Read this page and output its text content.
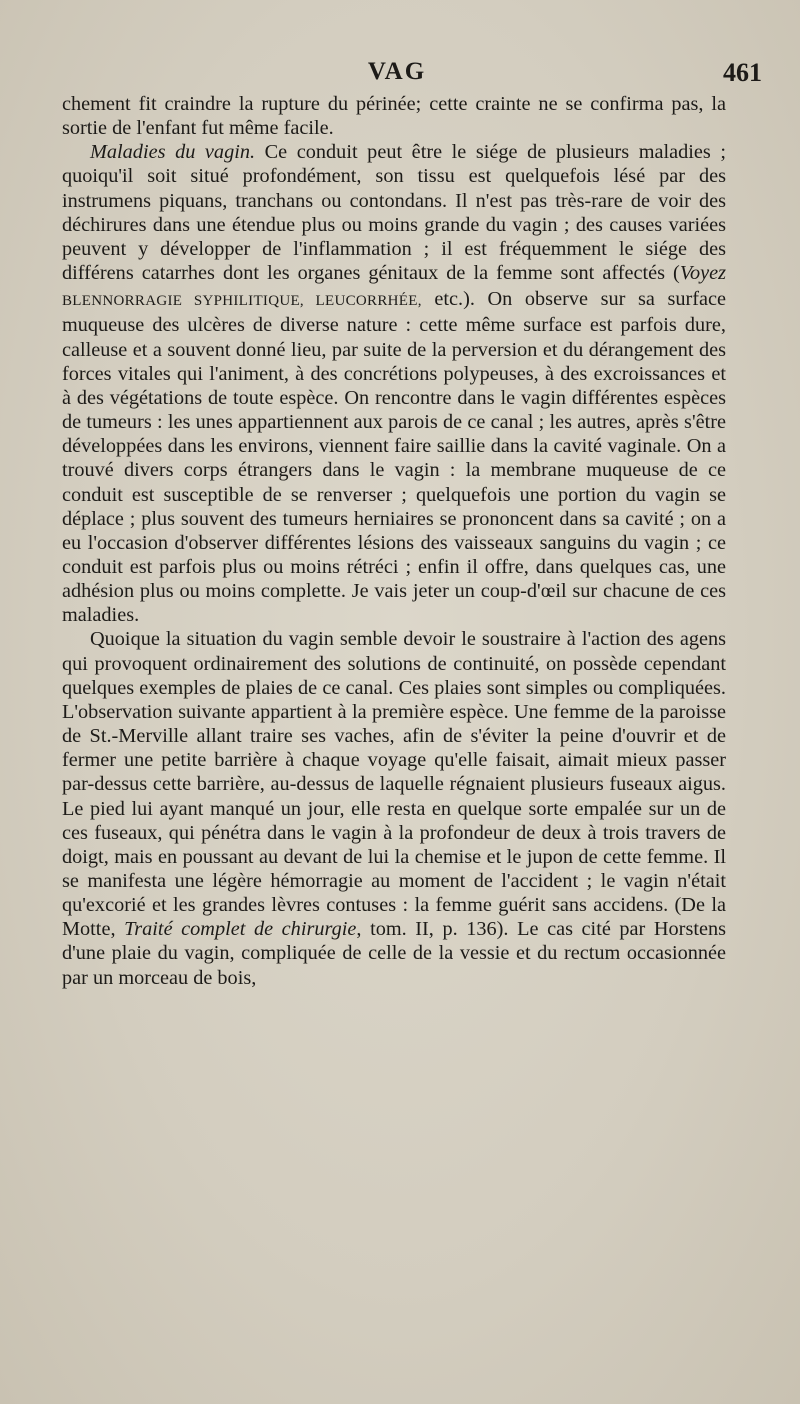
VAG	461

chement fit craindre la rupture du périnée; cette crainte ne se confirma pas, la sortie de l'enfant fut même facile.

Maladies du vagin. Ce conduit peut être le siége de plusieurs maladies ; quoiqu'il soit situé profondément, son tissu est quelquefois lésé par des instrumens piquans, tranchans ou contondans. Il n'est pas très-rare de voir des déchirures dans une étendue plus ou moins grande du vagin ; des causes variées peuvent y développer de l'inflammation ; il est fréquemment le siége des différens catarrhes dont les organes génitaux de la femme sont affectés (Voyez BLENNORRAGIE SYPHILITIQUE, LEUCORRHÉE, etc.). On observe sur sa surface muqueuse des ulcères de diverse nature : cette même surface est parfois dure, calleuse et a souvent donné lieu, par suite de la perversion et du dérangement des forces vitales qui l'animent, à des concrétions polypeuses, à des excroissances et à des végétations de toute espèce. On rencontre dans le vagin différentes espèces de tumeurs : les unes appartiennent aux parois de ce canal ; les autres, après s'être développées dans les environs, viennent faire saillie dans la cavité vaginale. On a trouvé divers corps étrangers dans le vagin : la membrane muqueuse de ce conduit est susceptible de se renverser ; quelquefois une portion du vagin se déplace ; plus souvent des tumeurs herniaires se prononcent dans sa cavité ; on a eu l'occasion d'observer différentes lésions des vaisseaux sanguins du vagin ; ce conduit est parfois plus ou moins rétréci ; enfin il offre, dans quelques cas, une adhésion plus ou moins complette. Je vais jeter un coup-d'œil sur chacune de ces maladies.

Quoique la situation du vagin semble devoir le soustraire à l'action des agens qui provoquent ordinairement des solutions de continuité, on possède cependant quelques exemples de plaies de ce canal. Ces plaies sont simples ou compliquées. L'observation suivante appartient à la première espèce. Une femme de la paroisse de St.-Merville allant traire ses vaches, afin de s'éviter la peine d'ouvrir et de fermer une petite barrière à chaque voyage qu'elle faisait, aimait mieux passer par-dessus cette barrière, au-dessus de laquelle régnaient plusieurs fuseaux aigus. Le pied lui ayant manqué un jour, elle resta en quelque sorte empalée sur un de ces fuseaux, qui pénétra dans le vagin à la profondeur de deux à trois travers de doigt, mais en poussant au devant de lui la chemise et le jupon de cette femme. Il se manifesta une légère hémorragie au moment de l'accident ; le vagin n'était qu'excorié et les grandes lèvres contuses : la femme guérit sans accidens. (De la Motte, Traité complet de chirurgie, tom. II, p. 136). Le cas cité par Horstens d'une plaie du vagin, compliquée de celle de la vessie et du rectum occasionnée par un morceau de bois,
